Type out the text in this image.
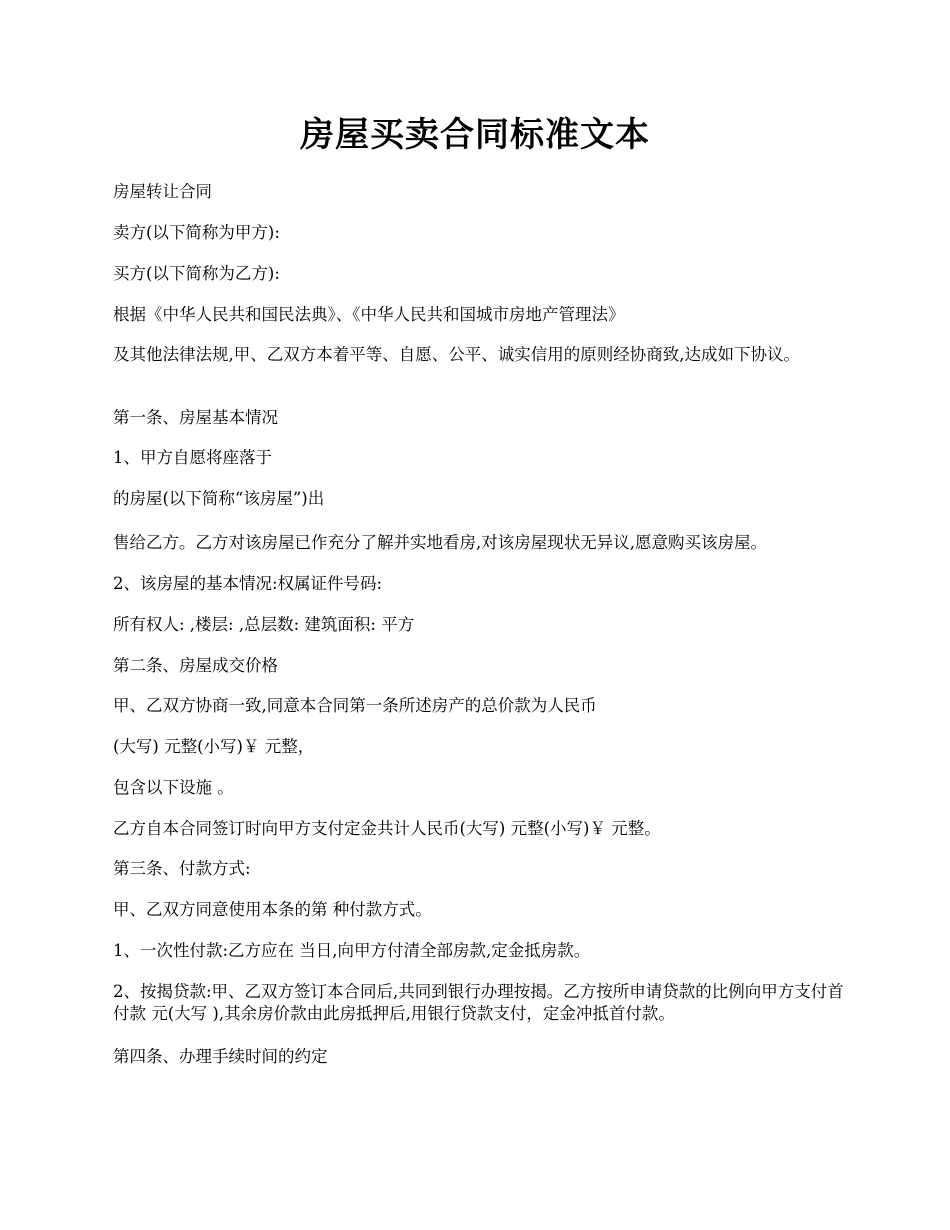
房屋买卖合同标准文本

房屋转让合同

卖方(以下简称为甲方):

买方(以下简称为乙方):

根据《中华人民共和国民法典》、《中华人民共和国城市房地产管理法》

及其他法律法规,甲、乙双方本着平等、自愿、公平、诚实信用的原则经协商致,达成如下协议。

第一条、房屋基本情况

1、甲方自愿将座落于

的房屋(以下简称“该房屋”)出

售给乙方。乙方对该房屋已作充分了解并实地看房,对该房屋现状无异议,愿意购买该房屋。

2、该房屋的基本情况:权属证件号码:

所有权人: ,楼层: ,总层数: 建筑面积: 平方

第二条、房屋成交价格

甲、乙双方协商一致,同意本合同第一条所述房产的总价款为人民币

(大写) 元整(小写)￥ 元整，

包含以下设施 。

乙方自本合同签订时向甲方支付定金共计人民币(大写) 元整(小写)￥ 元整。

第三条、付款方式:

甲、乙双方同意使用本条的第 种付款方式。

1、一次性付款:乙方应在 当日,向甲方付清全部房款,定金抵房款。

2、按揭贷款:甲、乙双方签订本合同后,共同到银行办理按揭。乙方按所申请贷款的比例向甲方支付首付款 元(大写 ),其余房价款由此房抵押后,用银行贷款支付，定金冲抵首付款。

第四条、办理手续时间的约定
